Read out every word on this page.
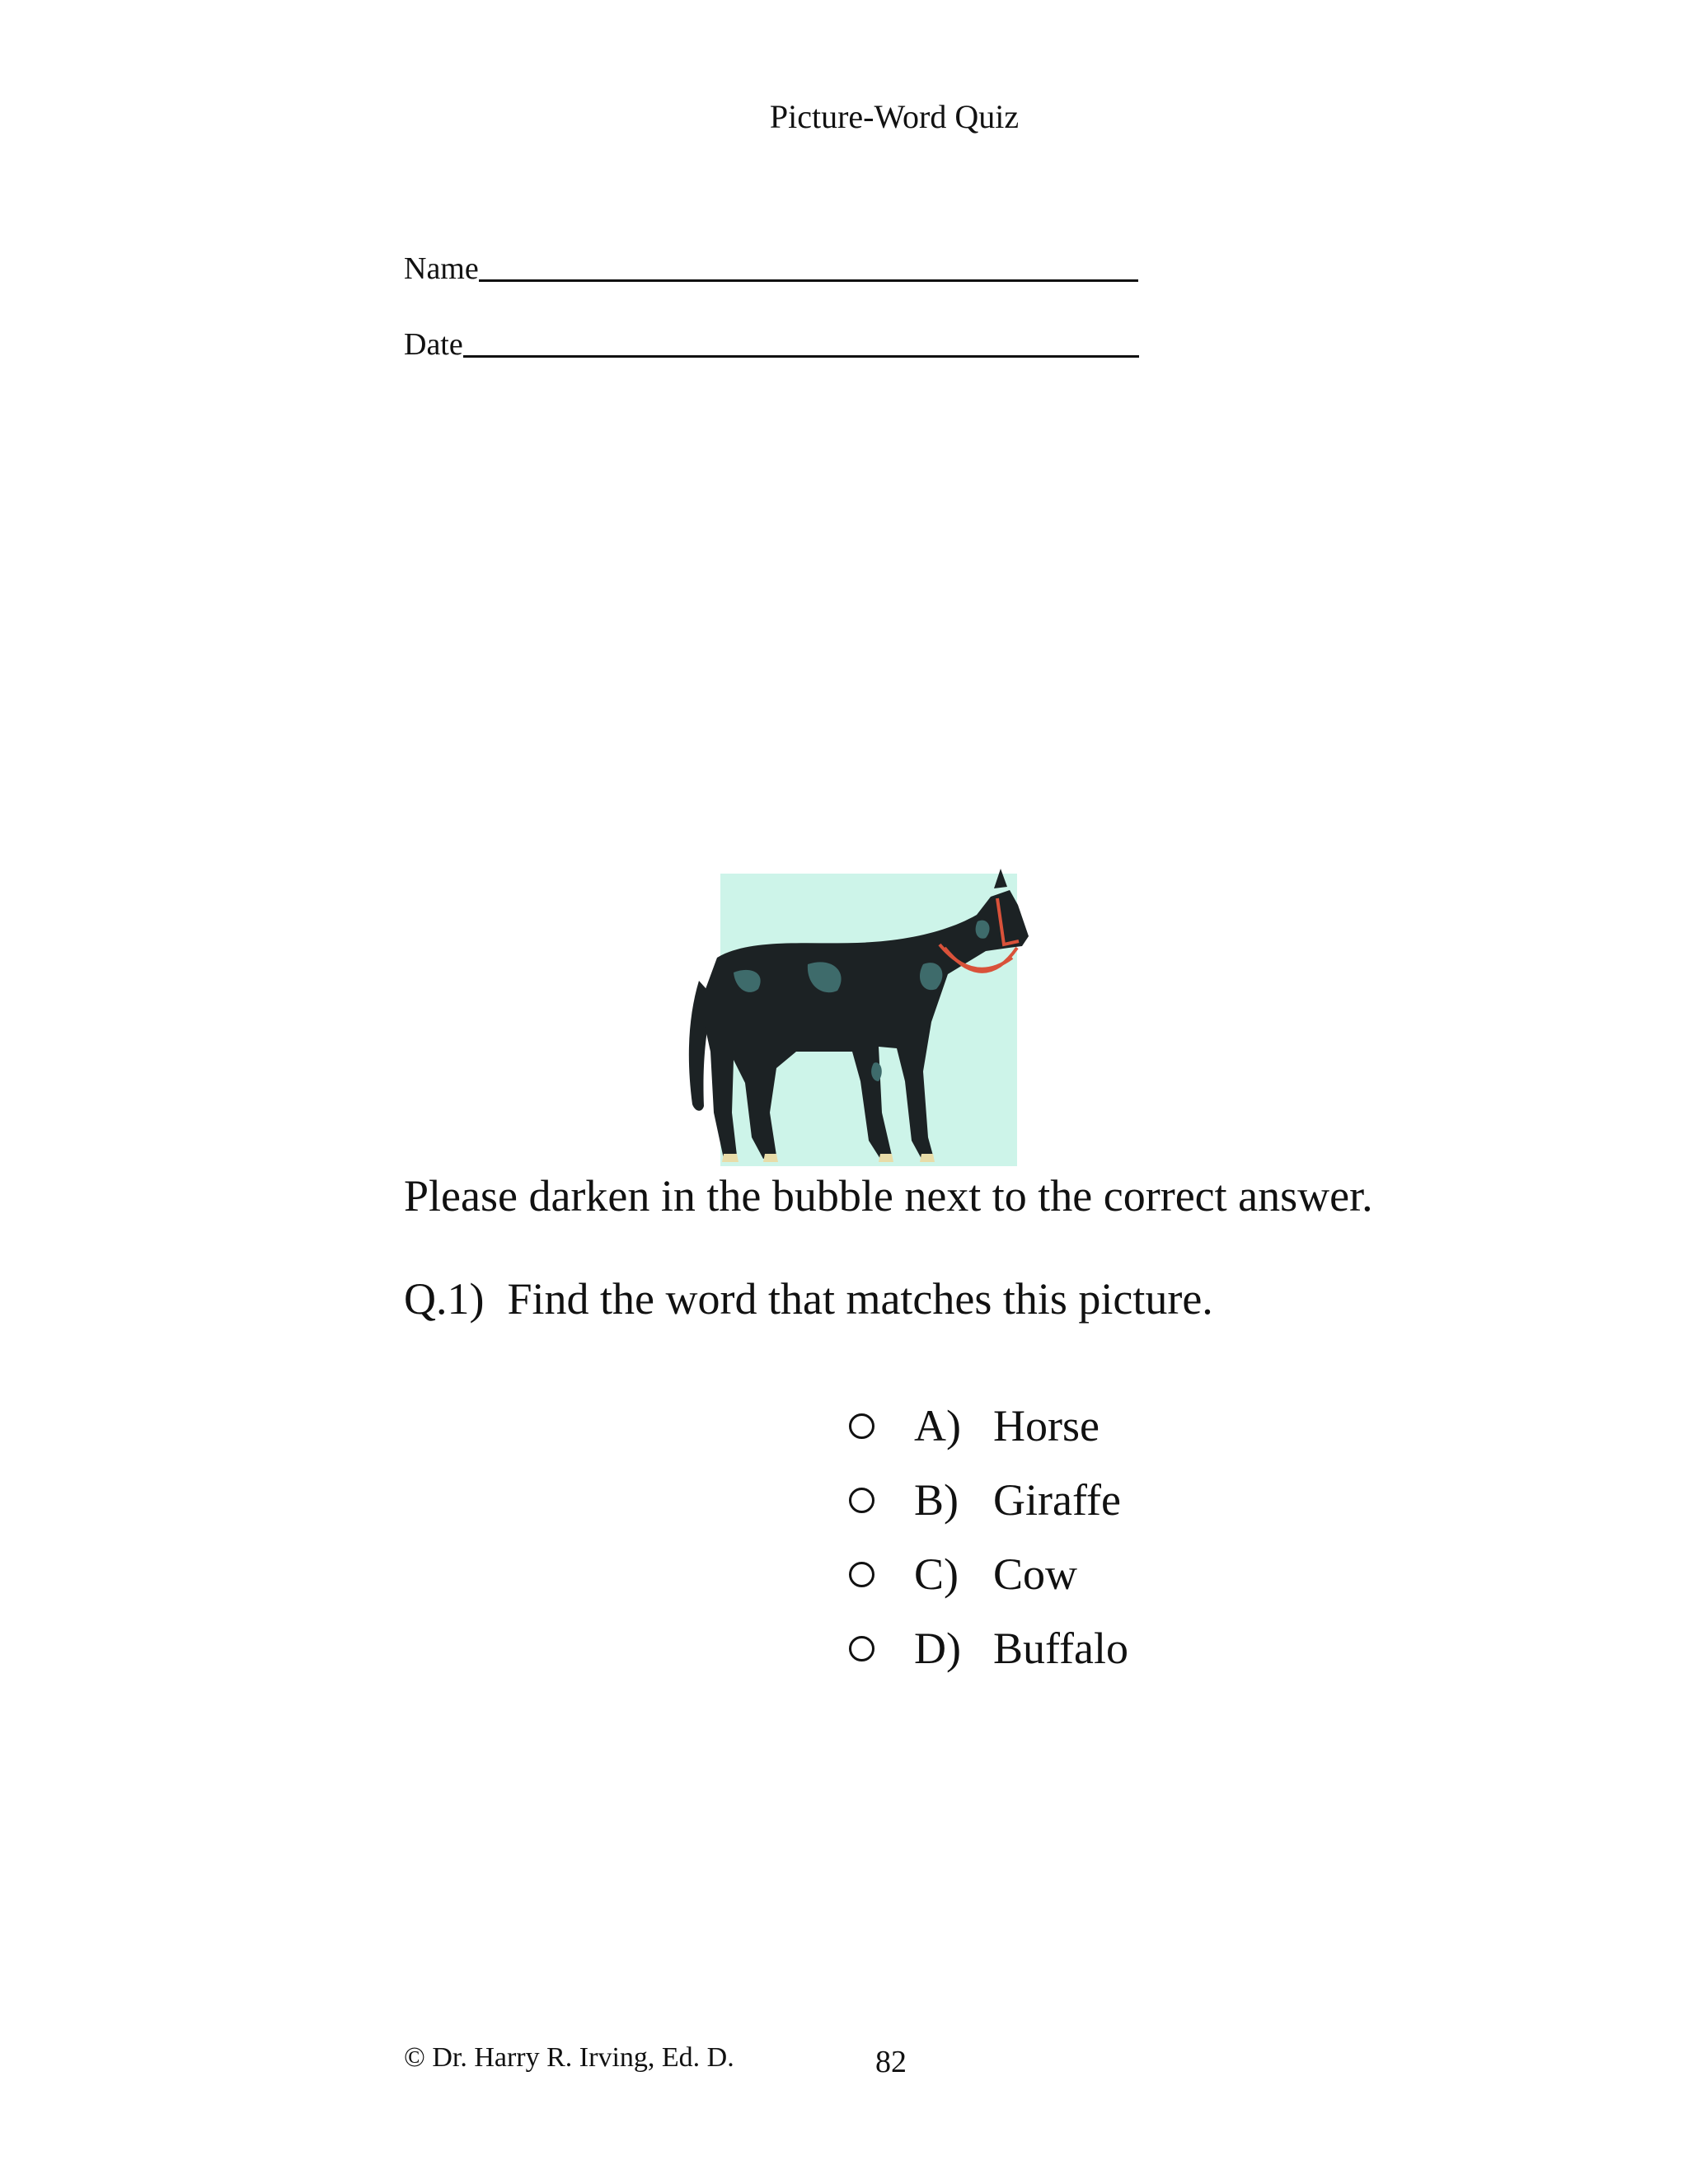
Picture-Word Quiz
Name
Date
Please darken in the bubble next to the correct answer.
Q.1) Find the word that matches this picture.
A) Horse
B) Giraffe
C) Cow
D) Buffalo
© Dr. Harry R. Irving, Ed. D.	82
